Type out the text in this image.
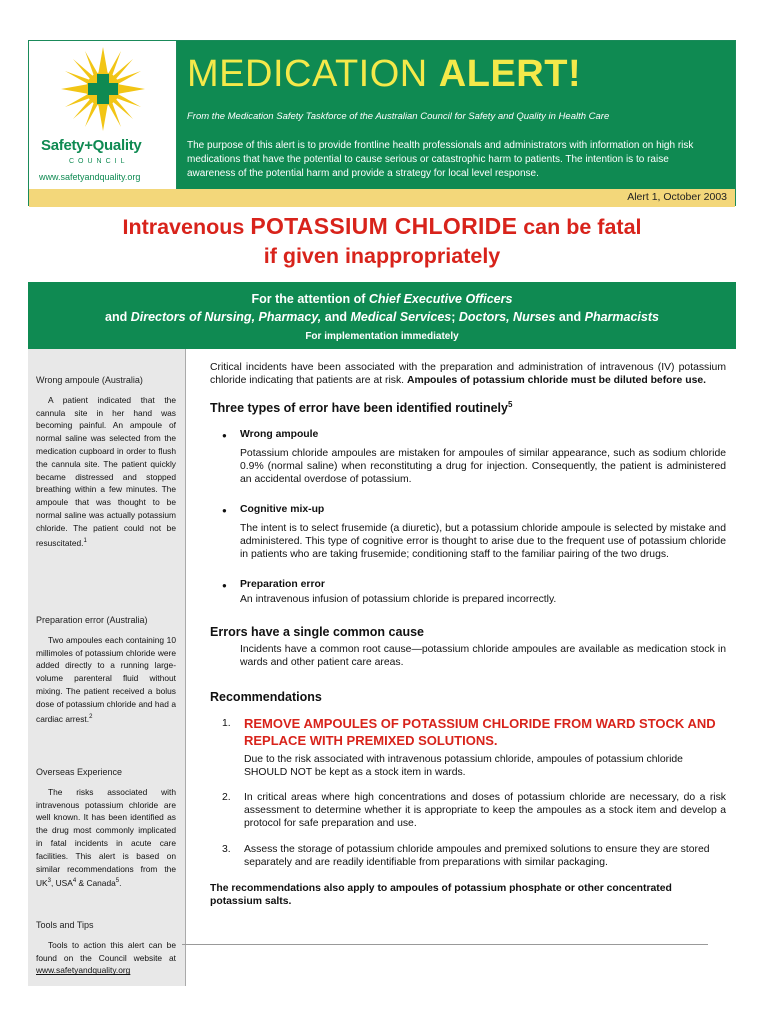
Safety+Quality
COUNCIL
www.safetyandquality.org
MEDICATION ALERT!
From the Medication Safety Taskforce of the Australian Council for Safety and Quality in Health Care
The purpose of this alert is to provide frontline health professionals and administrators with information on high risk medications that have the potential to cause serious or catastrophic harm to patients. The intention is to raise awareness of the potential harm and provide a strategy for local level response.
Alert 1, October 2003
Intravenous POTASSIUM CHLORIDE can be fatal
if given inappropriately
For the attention of Chief Executive Officers
and Directors of Nursing, Pharmacy, and Medical Services; Doctors, Nurses and Pharmacists
For implementation immediately
Wrong ampoule (Australia)
A patient indicated that the cannula site in her hand was becoming painful. An ampoule of normal saline was selected from the medication cupboard in order to flush the cannula site. The patient quickly became distressed and stopped breathing within a few minutes. The ampoule that was thought to be normal saline was actually potassium chloride. The patient could not be resuscitated.$^1$
Preparation error (Australia)
Two ampoules each containing 10 millimoles of potassium chloride were added directly to a running large-volume parenteral fluid without mixing. The patient received a bolus dose of potassium chloride and had a cardiac arrest.$^2$
Overseas Experience
The risks associated with intravenous potassium chloride are well known. It has been identified as the drug most commonly implicated in fatal incidents in acute care facilities. This alert is based on similar recommendations from the $UK^3$, USA$^4$ & Canada$^5$.
Tools and Tips
Tools to action this alert can be found on the Council website at www.safetyandquality.org
Critical incidents have been associated with the preparation and administration of intravenous (IV) potassium chloride indicating that patients are at risk. Ampoules of potassium chloride must be diluted before use.
Three types of error have been identified routinely$^5$
● Wrong ampoule
Potassium chloride ampoules are mistaken for ampoules of similar appearance, such as sodium chloride 0.9% (normal saline) when reconstituting a drug for injection. Consequently, the patient is administered an accidental overdose of potassium.
● Cognitive mix-up
The intent is to select frusemide (a diuretic), but a potassium chloride ampoule is selected by mistake and administered. This type of cognitive error is thought to arise due to the frequent use of potassium chloride in patients who are taking frusemide; conditioning staff to the familiar pairing of the two drugs.
● Preparation error
An intravenous infusion of potassium chloride is prepared incorrectly.
Errors have a single common cause
Incidents have a common root cause—potassium chloride ampoules are available as medication stock in wards and other patient care areas.
Recommendations
1. REMOVE AMPOULES OF POTASSIUM CHLORIDE FROM WARD STOCK AND REPLACE WITH PREMIXED SOLUTIONS.
Due to the risk associated with intravenous potassium chloride, ampoules of potassium chloride SHOULD NOT be kept as a stock item in wards.
2. In critical areas where high concentrations and doses of potassium chloride are necessary, do a risk assessment to determine whether it is appropriate to keep the ampoules as a stock item and develop a protocol for safe preparation and use.
3. Assess the storage of potassium chloride ampoules and premixed solutions to ensure they are stored separately and are readily identifiable from preparations with similar packaging.
The recommendations also apply to ampoules of potassium phosphate or other concentrated potassium salts.
